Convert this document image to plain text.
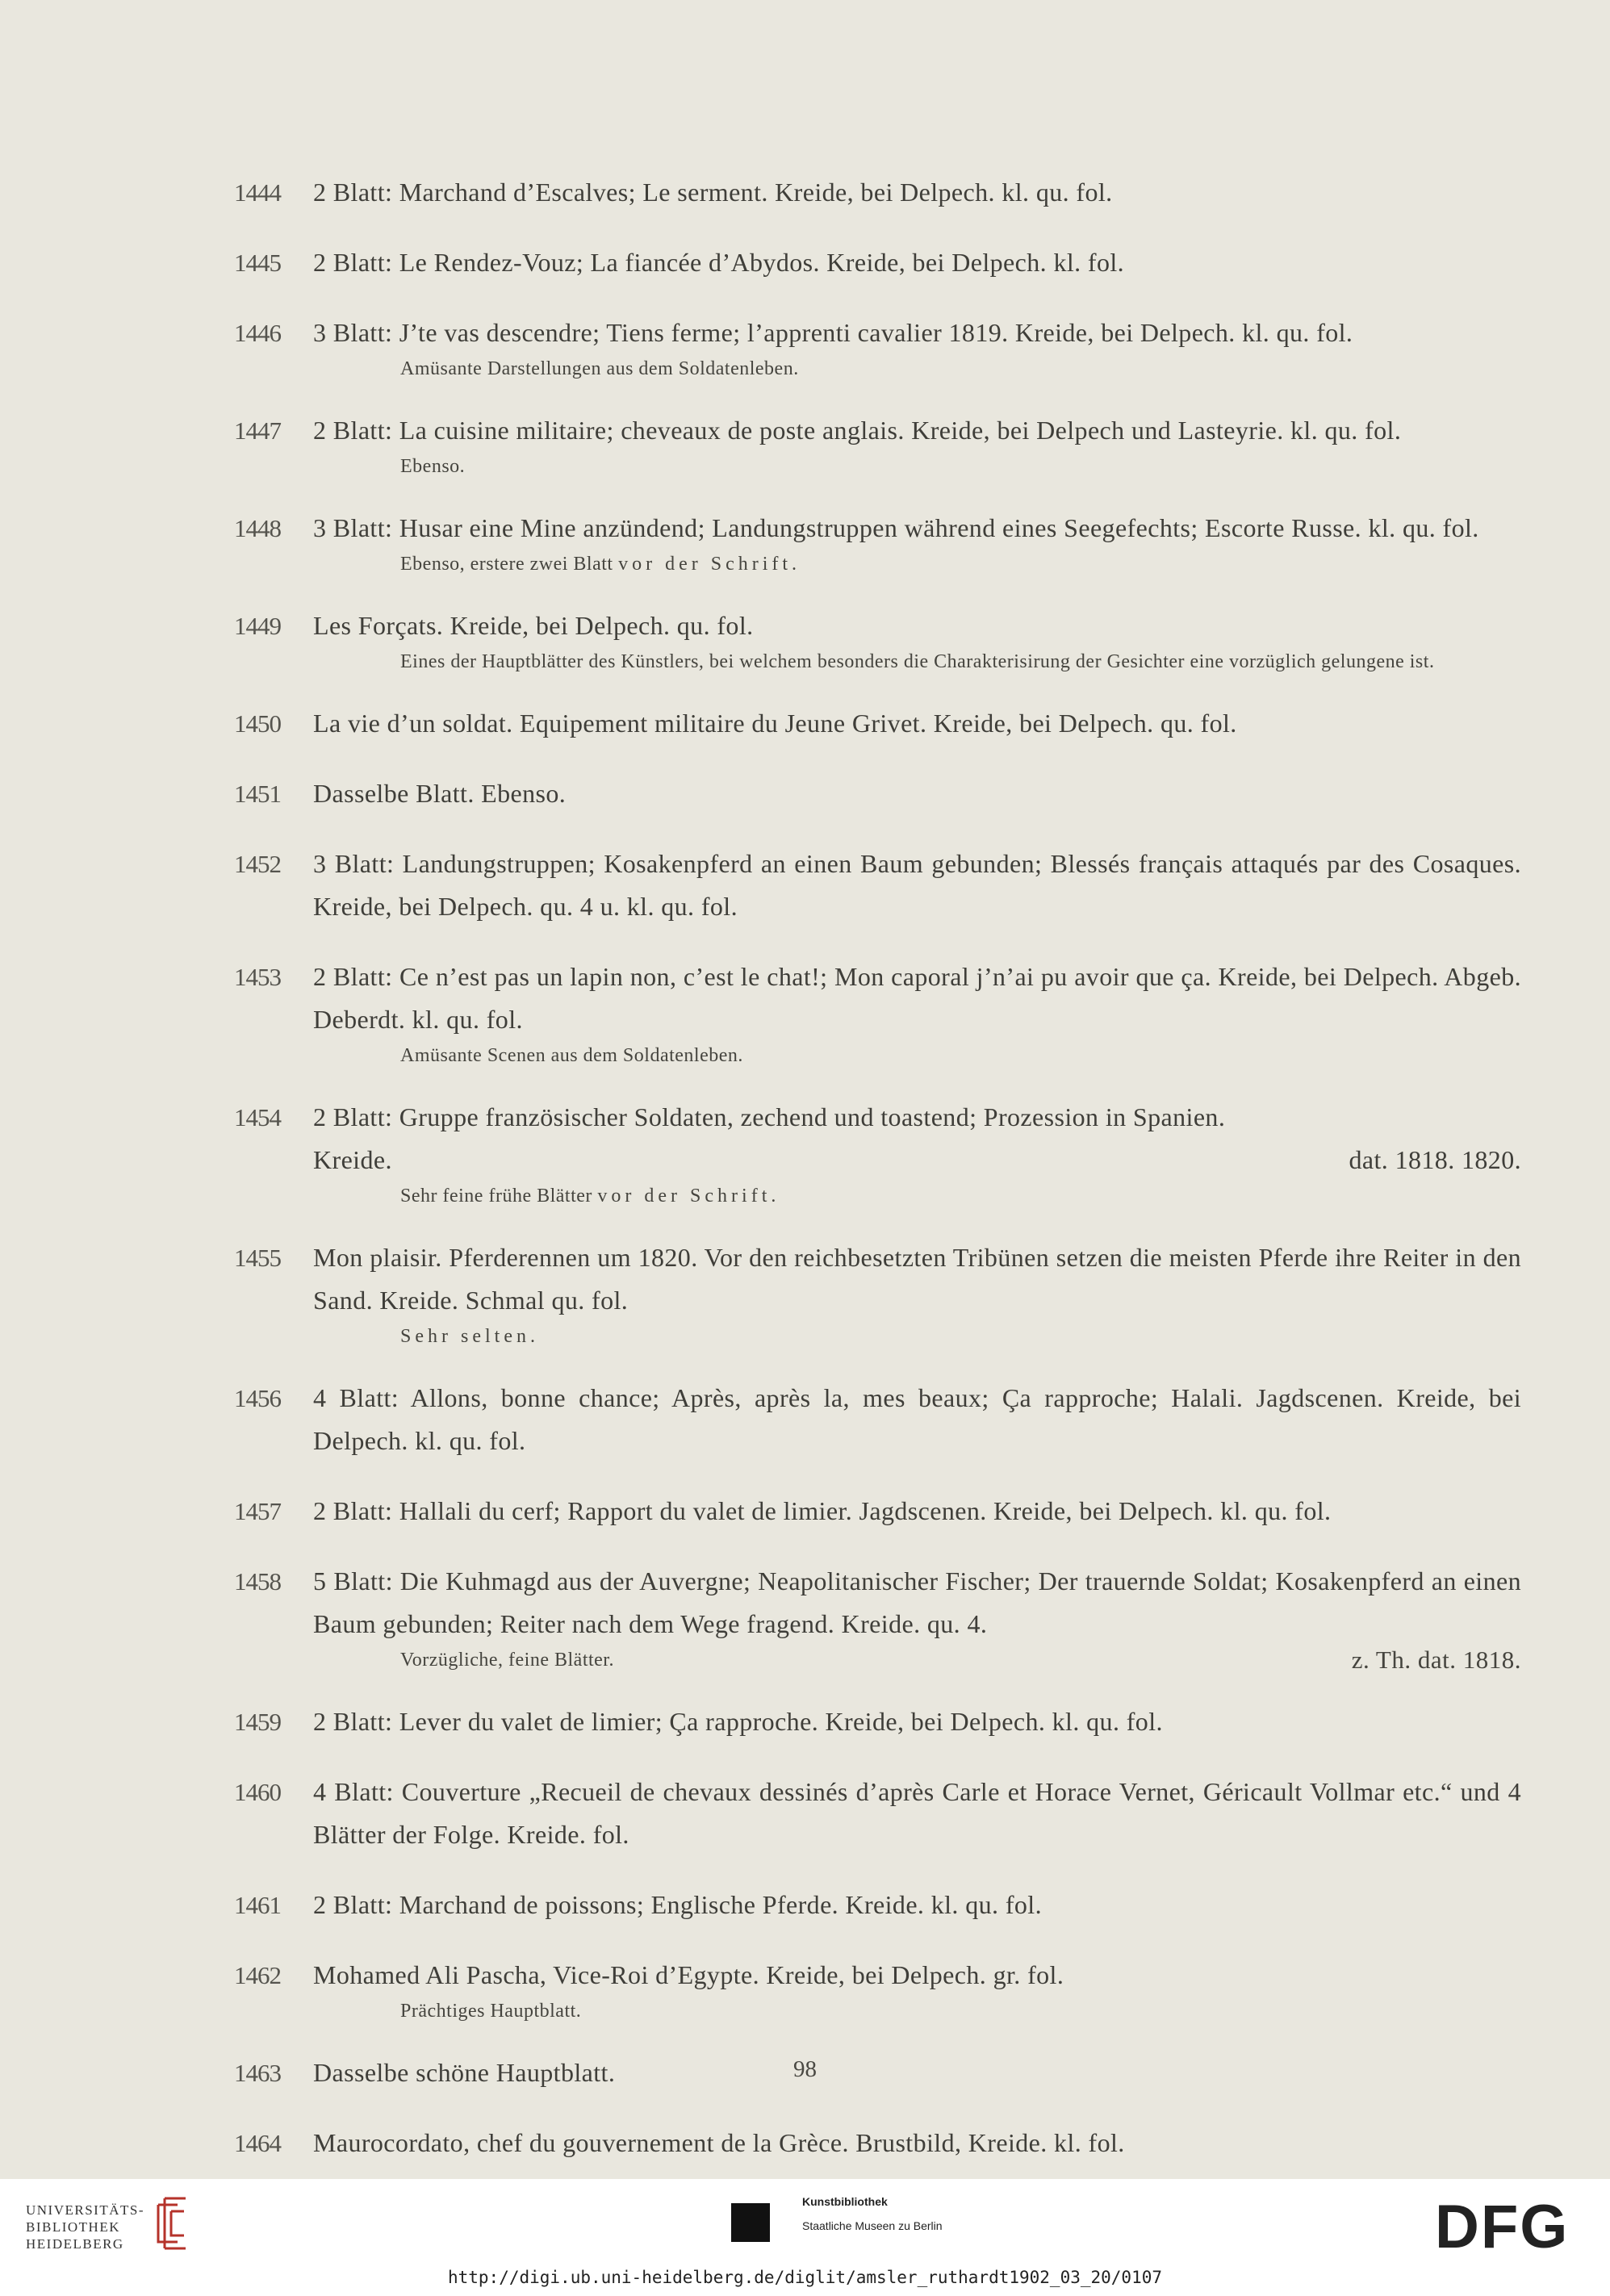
1444 2 Blatt: Marchand d’Escalves; Le serment. Kreide, bei Delpech. kl. qu. fol.
1445 2 Blatt: Le Rendez-Vouz; La fiancée d’Abydos. Kreide, bei Delpech. kl. fol.
1446 3 Blatt: J’te vas descendre; Tiens ferme; l’apprenti cavalier 1819. Kreide, bei Delpech. kl. qu. fol.
Amüsante Darstellungen aus dem Soldatenleben.
1447 2 Blatt: La cuisine militaire; cheveaux de poste anglais. Kreide, bei Delpech und Lasteyrie. kl. qu. fol.
Ebenso.
1448 3 Blatt: Husar eine Mine anzündend; Landungstruppen während eines Seegefechts; Escorte Russe. kl. qu. fol.
Ebenso, erstere zwei Blatt vor der Schrift.
1449 Les Forçats. Kreide, bei Delpech. qu. fol.
Eines der Hauptblätter des Künstlers, bei welchem besonders die Charakterisirung der Gesichter eine vorzüglich gelungene ist.
1450 La vie d’un soldat. Equipement militaire du Jeune Grivet. Kreide, bei Delpech. qu. fol.
1451 Dasselbe Blatt. Ebenso.
1452 3 Blatt: Landungstruppen; Kosakenpferd an einen Baum gebunden; Blessés français attaqués par des Cosaques. Kreide, bei Delpech. qu. 4 u. kl. qu. fol.
1453 2 Blatt: Ce n’est pas un lapin non, c’est le chat!; Mon caporal j’n’ai pu avoir que ça. Kreide, bei Delpech. Abgeb. Deberdt. kl. qu. fol.
Amüsante Scenen aus dem Soldatenleben.
1454 2 Blatt: Gruppe französischer Soldaten, zechend und toastend; Prozession in Spanien.
Kreide.	dat. 1818. 1820.
Sehr feine frühe Blätter vor der Schrift.
1455 Mon plaisir. Pferderennen um 1820. Vor den reichbesetzten Tribünen setzen die meisten Pferde ihre Reiter in den Sand. Kreide. Schmal qu. fol.
Sehr selten.
1456 4 Blatt: Allons, bonne chance; Après, après la, mes beaux; Ça rapproche; Halali. Jagdscenen. Kreide, bei Delpech. kl. qu. fol.
1457 2 Blatt: Hallali du cerf; Rapport du valet de limier. Jagdscenen. Kreide, bei Delpech. kl. qu. fol.
1458 5 Blatt: Die Kuhmagd aus der Auvergne; Neapolitanischer Fischer; Der trauernde Soldat; Kosakenpferd an einen Baum gebunden; Reiter nach dem Wege fragend. Kreide. qu. 4.
Vorzügliche, feine Blätter.	z. Th. dat. 1818.
1459 2 Blatt: Lever du valet de limier; Ça rapproche. Kreide, bei Delpech. kl. qu. fol.
1460 4 Blatt: Couverture „Recueil de chevaux dessinés d’après Carle et Horace Vernet, Géricault Vollmar etc.“ und 4 Blätter der Folge. Kreide. fol.
1461 2 Blatt: Marchand de poissons; Englische Pferde. Kreide. kl. qu. fol.
1462 Mohamed Ali Pascha, Vice-Roi d’Egypte. Kreide, bei Delpech. gr. fol.
Prächtiges Hauptblatt.
1463 Dasselbe schöne Hauptblatt.
1464 Maurocordato, chef du gouvernement de la Grèce. Brustbild, Kreide. kl. fol.
98
UNIVERSITÄTS-
BIBLIOTHEK
HEIDELBERG
Kunstbibliothek
Staatliche Museen zu Berlin	DFG
http://digi.ub.uni-heidelberg.de/diglit/amsler_ruthardt1902_03_20/0107
